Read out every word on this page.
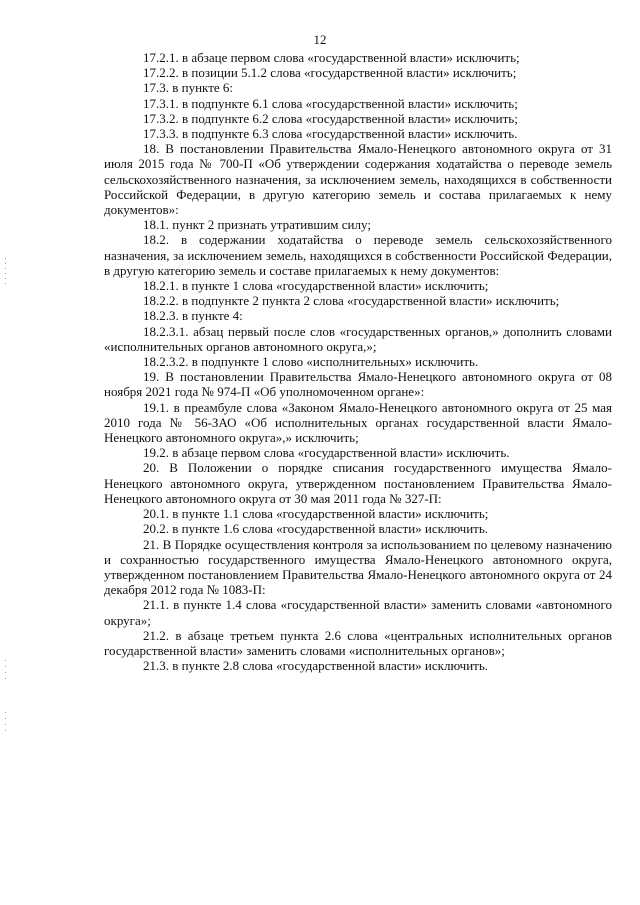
12

17.2.1. в абзаце первом слова «государственной власти» исключить;

17.2.2. в позиции 5.1.2 слова «государственной власти» исключить;

17.3. в пункте 6:

17.3.1. в подпункте 6.1 слова «государственной власти» исключить;

17.3.2. в подпункте 6.2 слова «государственной власти» исключить;

17.3.3. в подпункте 6.3 слова «государственной власти» исключить.

18. В постановлении Правительства Ямало-Ненецкого автономного округа от 31 июля 2015 года № 700-П «Об утверждении содержания ходатайства о переводе земель сельскохозяйственного назначения, за исключением земель, находящихся в собственности Российской Федерации, в другую категорию земель и состава прилагаемых к нему документов»:

18.1. пункт 2 признать утратившим силу;

18.2. в содержании ходатайства о переводе земель сельскохозяйственного назначения, за исключением земель, находящихся в собственности Российской Федерации, в другую категорию земель и составе прилагаемых к нему документов:

18.2.1. в пункте 1 слова «государственной власти» исключить;

18.2.2. в подпункте 2 пункта 2 слова «государственной власти» исключить;

18.2.3. в пункте 4:

18.2.3.1. абзац первый после слов «государственных органов,» дополнить словами «исполнительных органов автономного округа,»;

18.2.3.2. в подпункте 1 слово «исполнительных» исключить.

19. В постановлении Правительства Ямало-Ненецкого автономного округа от 08 ноября 2021 года № 974-П «Об уполномоченном органе»:

19.1. в преамбуле слова «Законом Ямало-Ненецкого автономного округа от 25 мая 2010 года № 56-ЗАО «Об исполнительных органах государственной власти Ямало-Ненецкого автономного округа»,» исключить;

19.2. в абзаце первом слова «государственной власти» исключить.

20. В Положении о порядке списания государственного имущества Ямало-Ненецкого автономного округа, утвержденном постановлением Правительства Ямало-Ненецкого автономного округа от 30 мая 2011 года № 327-П:

20.1. в пункте 1.1 слова «государственной власти» исключить;

20.2. в пункте 1.6 слова «государственной власти» исключить.

21. В Порядке осуществления контроля за использованием по целевому назначению и сохранностью государственного имущества Ямало-Ненецкого автономного округа, утвержденном постановлением Правительства Ямало-Ненецкого автономного округа от 24 декабря 2012 года № 1083-П:

21.1. в пункте 1.4 слова «государственной власти» заменить словами «автономного округа»;

21.2. в абзаце третьем пункта 2.6 слова «центральных исполнительных органов государственной власти» заменить словами «исполнительных органов»;

21.3. в пункте 2.8 слова «государственной власти» исключить.
